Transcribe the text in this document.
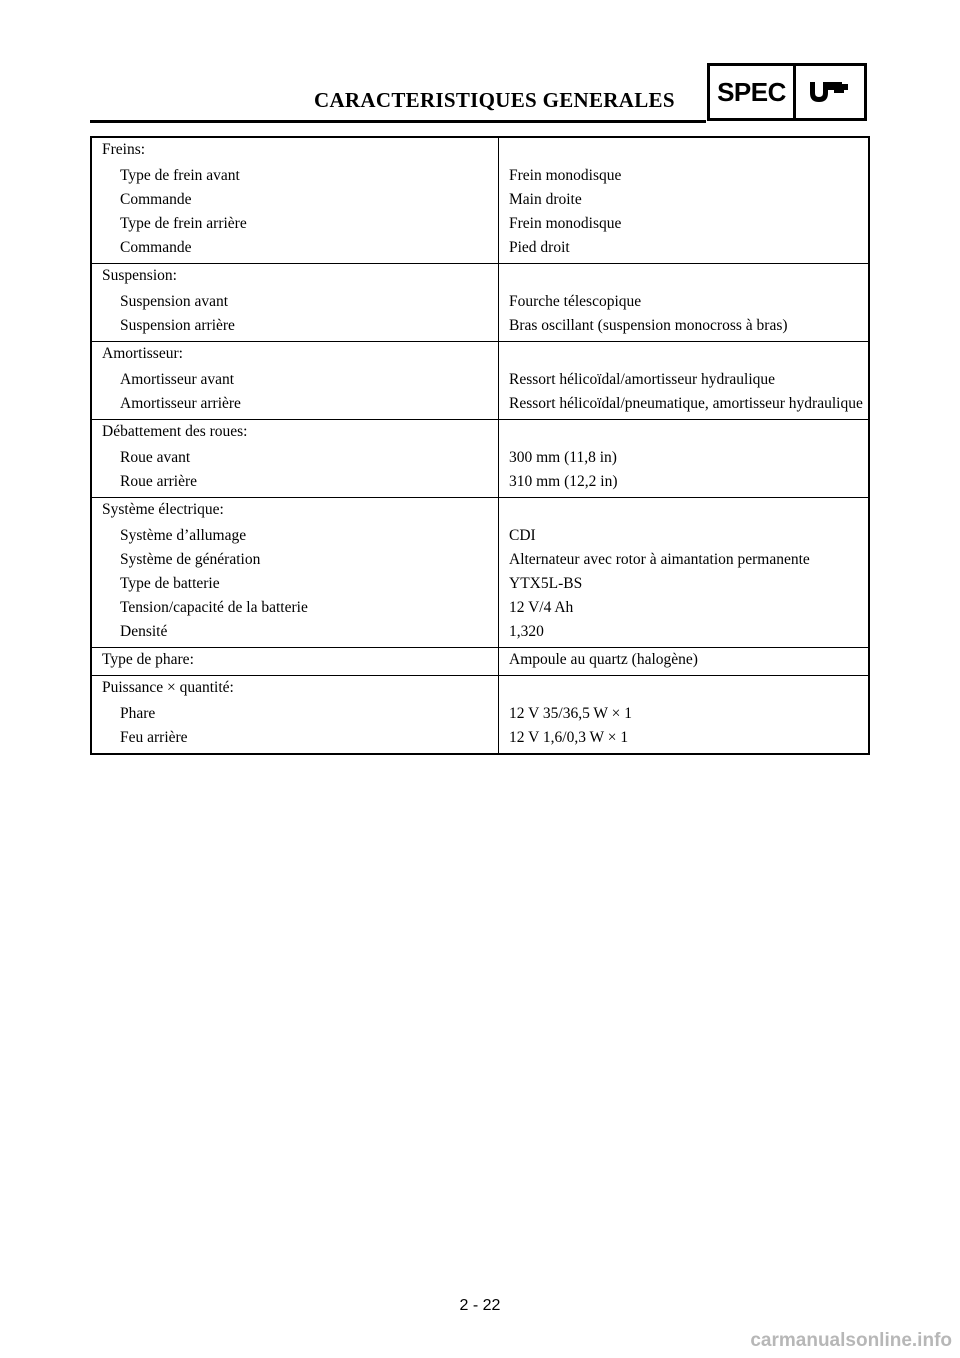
CARACTERISTIQUES GENERALES SPEC
Freins:	
Type de frein avant	Frein monodisque
Commande	Main droite
Type de frein arrière	Frein monodisque
Commande	Pied droit
Suspension:	
Suspension avant	Fourche télescopique
Suspension arrière	Bras oscillant (suspension monocross à bras)
Amortisseur:	
Amortisseur avant	Ressort hélicoïdal/amortisseur hydraulique
Amortisseur arrière	Ressort hélicoïdal/pneumatique, amortisseur hydraulique
Débattement des roues:	
Roue avant	300 mm (11,8 in)
Roue arrière	310 mm (12,2 in)
Système électrique:	
Système d’allumage	CDI
Système de génération	Alternateur avec rotor à aimantation permanente
Type de batterie	YTX5L-BS
Tension/capacité de la batterie	12 V/4 Ah
Densité	1,320
Type de phare:	Ampoule au quartz (halogène)
Puissance × quantité:	
Phare	12 V 35/36,5 W × 1
Feu arrière	12 V 1,6/0,3 W × 1
2 - 22
carmanualsonline.info
